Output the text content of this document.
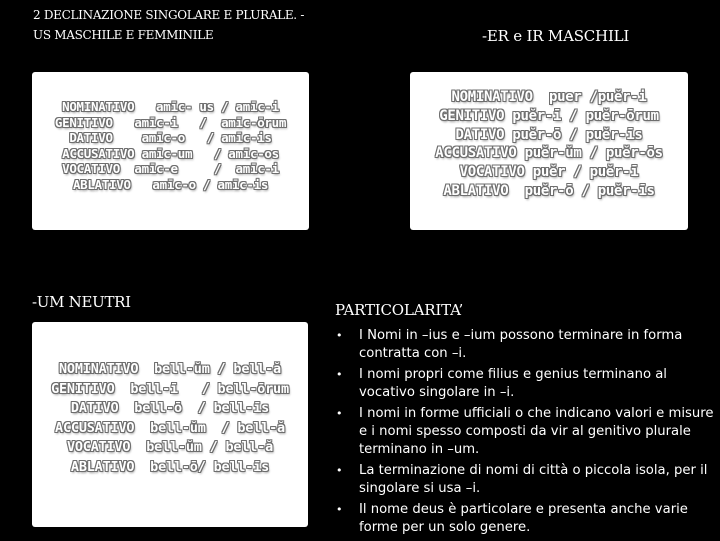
2 DECLINAZIONE SINGOLARE E PLURALE. -
US MASCHILE E FEMMINILE	-ER e IR MASCHILI
NOMINATIVO   amīc- us / amīc-i
GENITIVO   amīc-i   /  amīc-ōrum
DATIVO    amīc-o   / amīc-is
ACCUSATIVO amīc-um   / amīc-os
VOCATIVO  amīc-e     /  amīc-i
ABLATIVO   amīc-o / amīc-is
NOMINATIVO  puer /puĕr-i
GENITIVO puĕr-ī / puĕr-ōrum
DATIVO puĕr-ō / puĕr-īs
ACCUSATIVO puĕr-ŭm / puĕr-ōs
VOCATIVO puĕr / puĕr-ī
ABLATIVO  puĕr-ō / puĕr-īs
-UM NEUTRI
NOMINATIVO  bell-ŭm / bell-ă
GENITIVO  bell-ī   / bell-ōrum
DATIVO  bell-ō  / bell-īs
ACCUSATIVO  bell-ŭm  / bell-ă
VOCATIVO  bell-ŭm / bell-ă
ABLATIVO  bell-ō/ bell-īs
PARTICOLARITA’
• I Nomi in –ius e –ium possono terminare in forma contratta con –i.
• I nomi propri come filius e genius terminano al vocativo singolare in –i.
• I nomi in forme ufficiali o che indicano valori e misure e i nomi spesso composti da vir al genitivo plurale terminano in –um.
• La terminazione di nomi di città o piccola isola, per il singolare si usa –i.
• Il nome deus è particolare e presenta anche varie forme per un solo genere.
